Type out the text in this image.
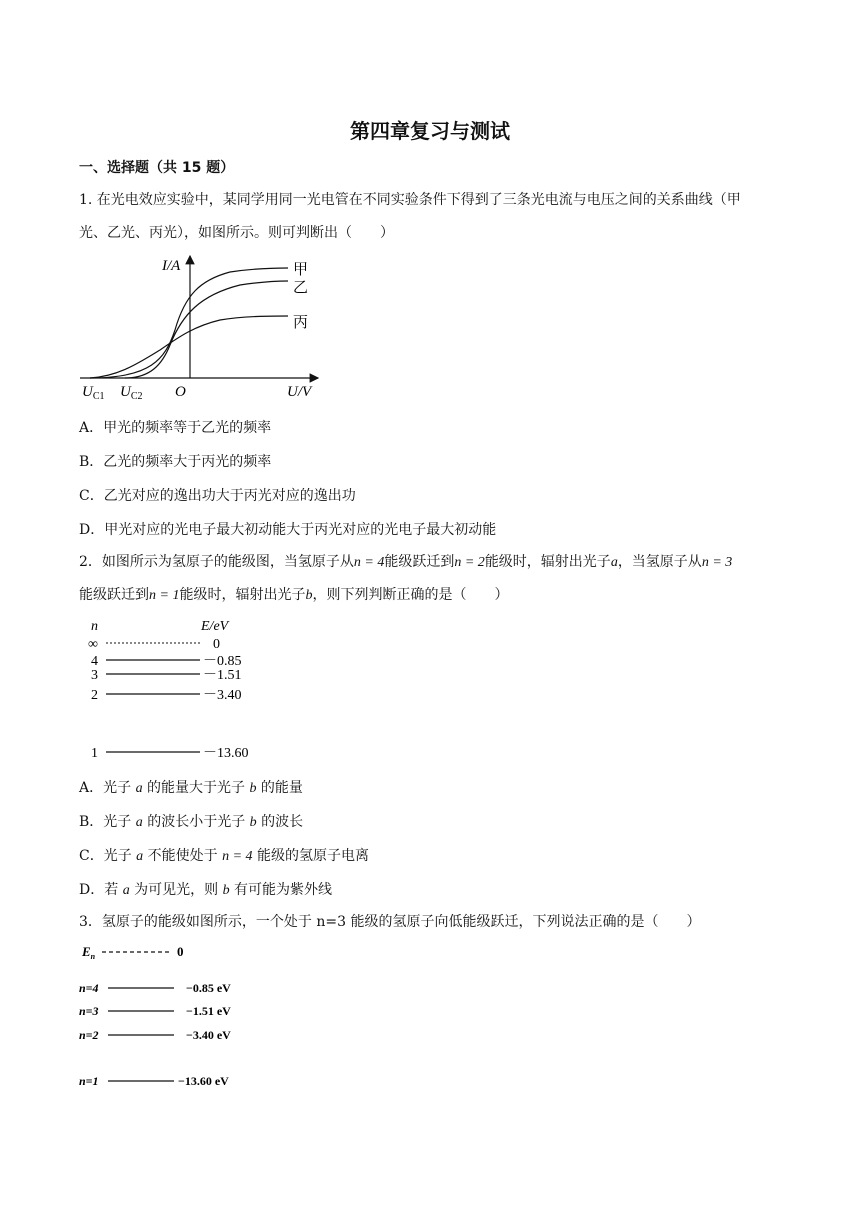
第四章复习与测试
一、选择题（共 15 题）
1. 在光电效应实验中，某同学用同一光电管在不同实验条件下得到了三条光电流与电压之间的关系曲线（甲
光、乙光、丙光），如图所示。则可判断出（　　）
I/A	甲
乙
丙
$U_{C1}$ $U_{C2}$ O	U/V
A．甲光的频率等于乙光的频率
B．乙光的频率大于丙光的频率
C．乙光对应的逸出功大于丙光对应的逸出功
D．甲光对应的光电子最大初动能大于丙光对应的光电子最大初动能
2．如图所示为氢原子的能级图，当氢原子从n = 4能级跃迁到n = 2能级时，辐射出光子a，当氢原子从n = 3
能级跃迁到n = 1能级时，辐射出光子b，则下列判断正确的是（　　）
n	E/eV
∞	0
4	－0.85
3	－1.51
2	－3.40
1	－13.60
A．光子 a 的能量大于光子 b 的能量
B．光子 a 的波长小于光子 b 的波长
C．光子 a 不能使处于 n = 4 能级的氢原子电离
D．若 a 为可见光，则 b 有可能为紫外线
3．氢原子的能级如图所示，一个处于 n=3 能级的氢原子向低能级跃迁，下列说法正确的是（　　）
$E_n$	0
n=4	−0.85 eV
n=3	−1.51 eV
n=2	−3.40 eV
n=1	−13.60 eV
